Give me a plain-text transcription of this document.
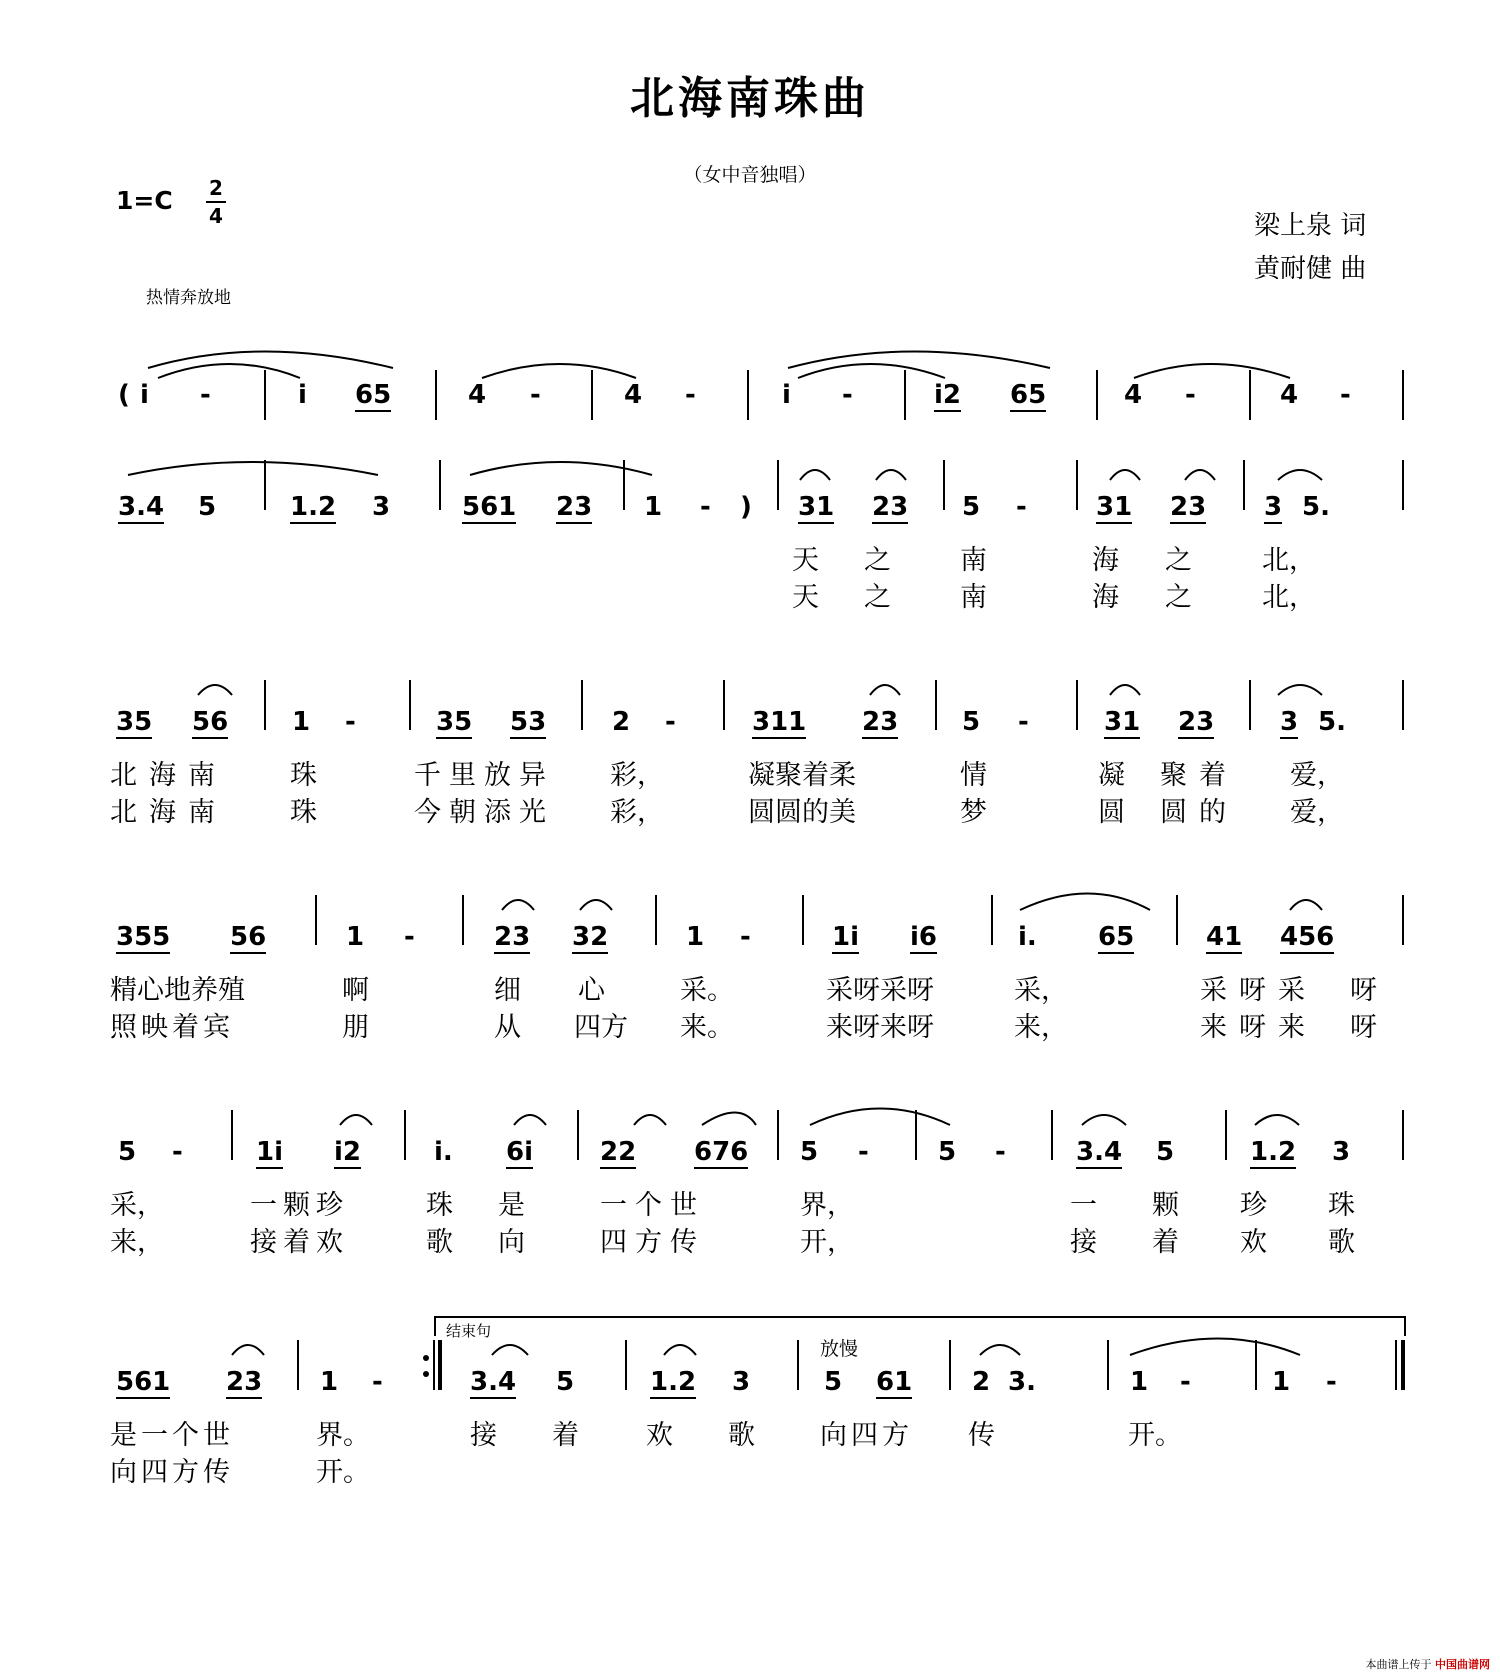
北海南珠曲
（女中音独唱）
1=C 2
4	梁上泉 词
黄耐健 曲
热情奔放地
( i -	i 65	4 -	4 -	i -	i2 65	4 -	4 -
3.4 5	1.2 3	561 23 1 - ) 31 23 5 -	31 23 3 5.
天 之	南	海 之	北，
天 之	南	海 之	北，
35 56 1 -	35 53	2 -	311 23 5 -	31 23	3 5.
北海南 珠	千里放异 彩，	凝聚着柔	情	凝 聚着 爱，
北海南 珠	今朝添光 彩，	圆圆的美	梦	圆 圆的 爱，
355 56	1 -	23 32	1 -	1i i6	i. 65	41 456
精心地养殖	啊	细 心	采。	采呀采呀	采，	采呀采 呀
照映着宾	朋	从 四方 来。	来呀来呀	来，	来呀来 呀
5 -	1i i2	i. 6i	22 676 5 -	5 -	3.4 5	1.2 3
采，	一颗珍	珠 是	一个世	界，	一 颗 珍 珠
来，	接着欢	歌 向	四方传	开，	接 着 欢 歌
结束句
放慢
561 23 1 -	3.4 5	1.2 3	5 61 2 3.	1 -	1 -
是一个世	界。	接 着 欢 歌 向四方 传	开。
向四方传	开。
本曲谱上传于 中国曲谱网
